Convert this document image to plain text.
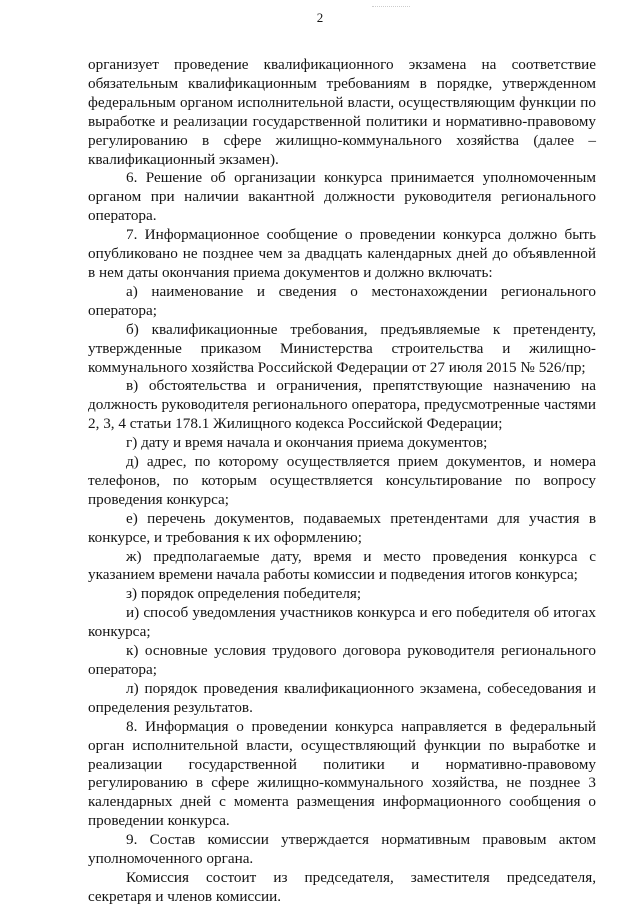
2

организует проведение квалификационного экзамена на соответствие обязательным квалификационным требованиям в порядке, утвержденном федеральным органом исполнительной власти, осуществляющим функции по выработке и реализации государственной политики и нормативно-правовому регулированию в сфере жилищно-коммунального хозяйства (далее – квалификационный экзамен).

6. Решение об организации конкурса принимается уполномоченным органом при наличии вакантной должности руководителя регионального оператора.

7. Информационное сообщение о проведении конкурса должно быть опубликовано не позднее чем за двадцать календарных дней до объявленной в нем даты окончания приема документов и должно включать:

а) наименование и сведения о местонахождении регионального оператора;

б) квалификационные требования, предъявляемые к претенденту, утвержденные приказом Министерства строительства и жилищно-коммунального хозяйства Российской Федерации от 27 июля 2015 № 526/пр;

в) обстоятельства и ограничения, препятствующие назначению на должность руководителя регионального оператора, предусмотренные частями 2, 3, 4 статьи 178.1 Жилищного кодекса Российской Федерации;

г) дату и время начала и окончания приема документов;

д) адрес, по которому осуществляется прием документов, и номера телефонов, по которым осуществляется консультирование по вопросу проведения конкурса;

е) перечень документов, подаваемых претендентами для участия в конкурсе, и требования к их оформлению;

ж) предполагаемые дату, время и место проведения конкурса с указанием времени начала работы комиссии и подведения итогов конкурса;

з) порядок определения победителя;

и) способ уведомления участников конкурса и его победителя об итогах конкурса;

к) основные условия трудового договора руководителя регионального оператора;

л) порядок проведения квалификационного экзамена, собеседования и определения результатов.

8. Информация о проведении конкурса направляется в федеральный орган исполнительной власти, осуществляющий функции по выработке и реализации государственной политики и нормативно-правовому регулированию в сфере жилищно-коммунального хозяйства, не позднее 3 календарных дней с момента размещения информационного сообщения о проведении конкурса.

9. Состав комиссии утверждается нормативным правовым актом уполномоченного органа.

Комиссия состоит из председателя, заместителя председателя, секретаря и членов комиссии.
